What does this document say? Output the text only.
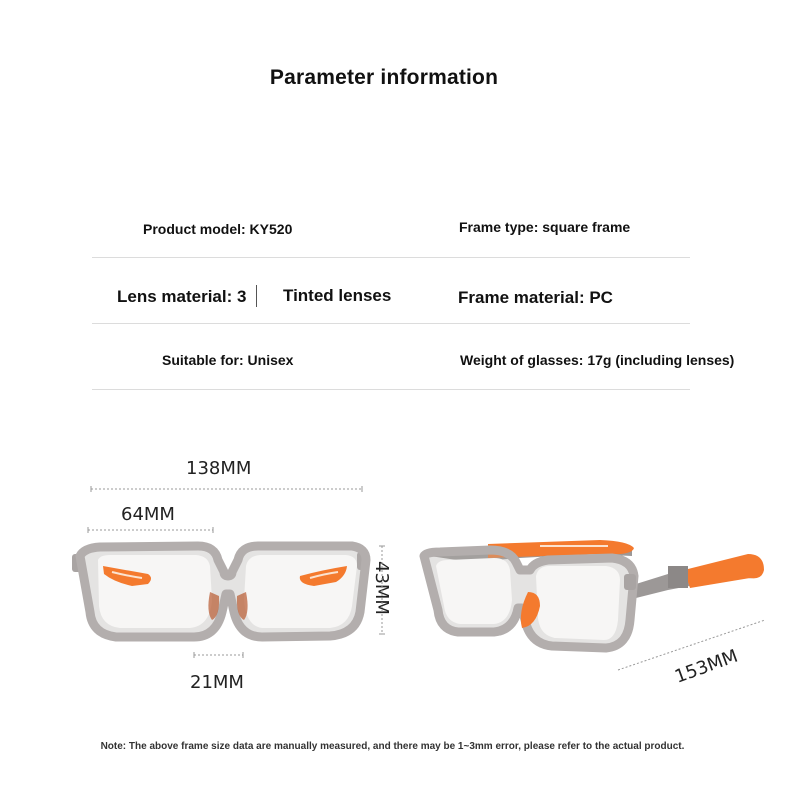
Parameter information
Product model: KY520	Frame type: square frame
Lens material: 3 Tinted lenses	Frame material: PC
Suitable for: Unisex	Weight of glasses: 17g (including lenses)
138MM
64MM
21MM
43MM
153MM
Note: The above frame size data are manually measured, and there may be 1~3mm error, please refer to the actual product.
